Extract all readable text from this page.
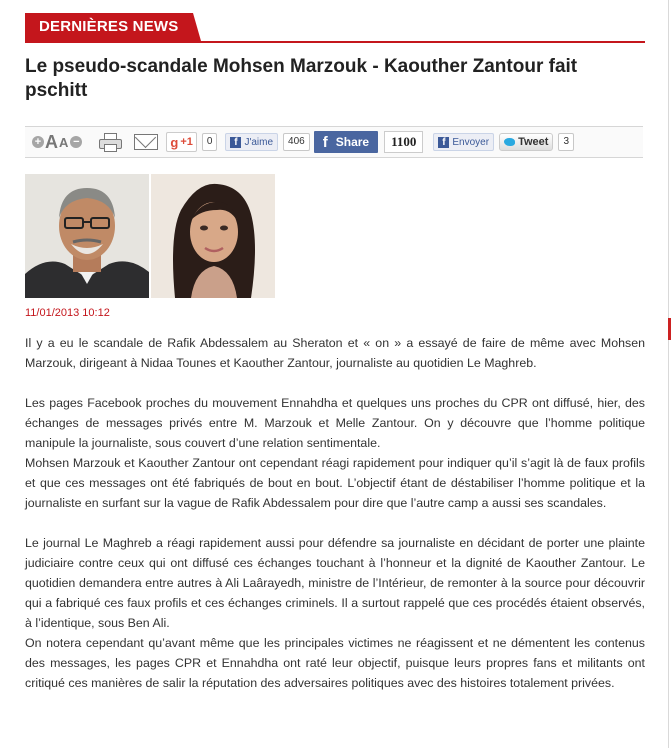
DERNIÈRES NEWS
Le pseudo-scandale Mohsen Marzouk - Kaouther Zantour fait pschitt
+ A A −	g +1	0	f J'aime	406	f Share	1100	f Envoyer	Tweet	3
11/01/2013 10:12

Il y a eu le scandale de Rafik Abdessalem au Sheraton et « on » a essayé de faire de même avec Mohsen Marzouk, dirigeant à Nidaa Tounes et Kaouther Zantour, journaliste au quotidien Le Maghreb.

Les pages Facebook proches du mouvement Ennahdha et quelques uns proches du CPR ont diffusé, hier, des échanges de messages privés entre M. Marzouk et Melle Zantour. On y découvre que l’homme politique manipule la journaliste, sous couvert d’une relation sentimentale.

Mohsen Marzouk et Kaouther Zantour ont cependant réagi rapidement pour indiquer qu’il s’agit là de faux profils et que ces messages ont été fabriqués de bout en bout. L’objectif étant de déstabiliser l’homme politique et la journaliste en surfant sur la vague de Rafik Abdessalem pour dire que l’autre camp a aussi ses scandales.

Le journal Le Maghreb a réagi rapidement aussi pour défendre sa journaliste en décidant de porter une plainte judiciaire contre ceux qui ont diffusé ces échanges touchant à l’honneur et la dignité de Kaouther Zantour. Le quotidien demandera entre autres à Ali Laârayedh, ministre de l’Intérieur, de remonter à la source pour découvrir qui a fabriqué ces faux profils et ces échanges criminels. Il a surtout rappelé que ces procédés étaient observés, à l’identique, sous Ben Ali.

On notera cependant qu’avant même que les principales victimes ne réagissent et ne démentent les contenus des messages, les pages CPR et Ennahdha ont raté leur objectif, puisque leurs propres fans et militants ont critiqué ces manières de salir la réputation des adversaires politiques avec des histoires totalement privées.
